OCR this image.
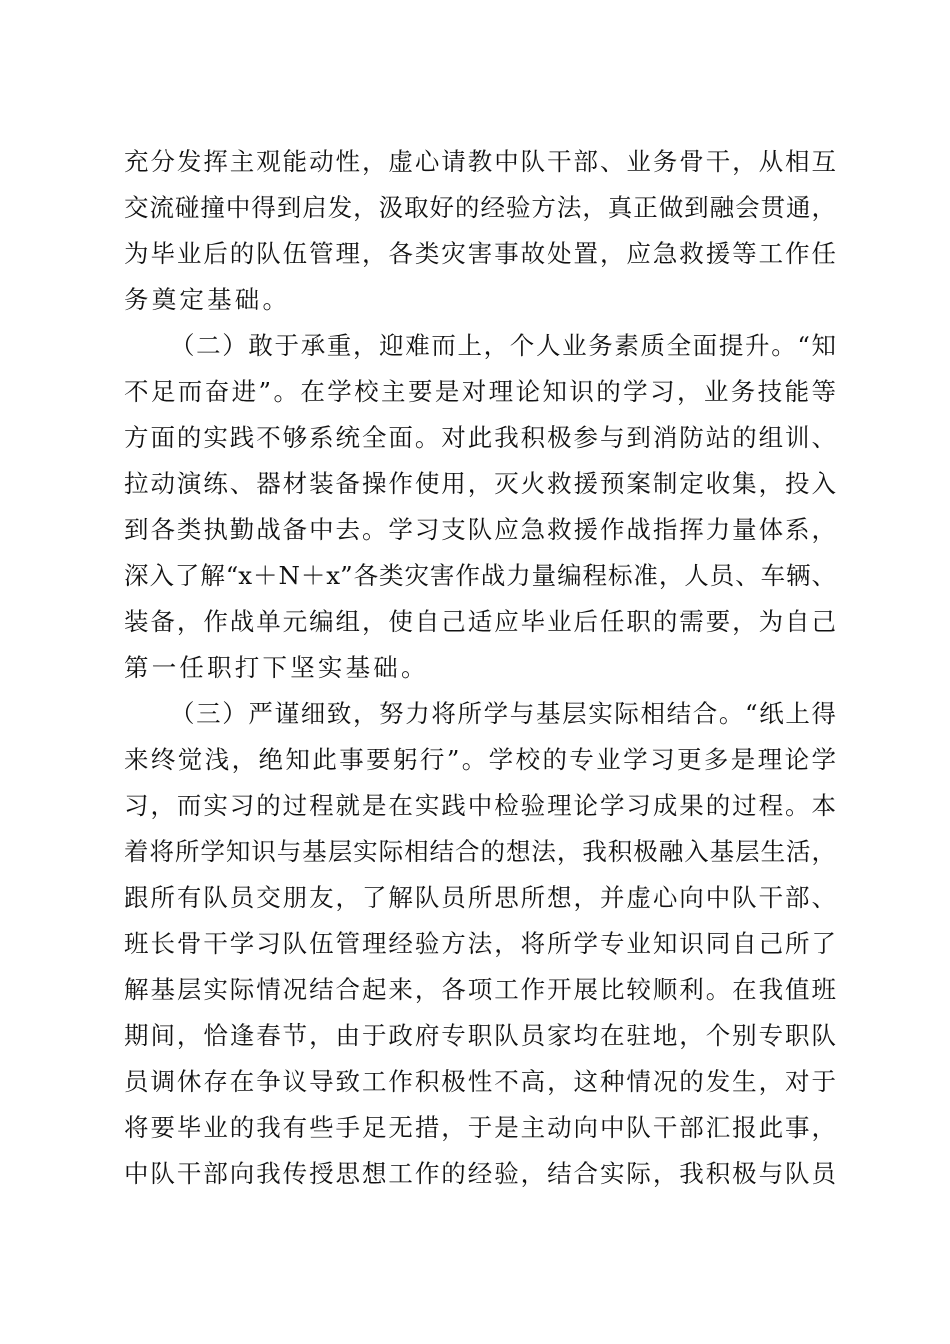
充分发挥主观能动性，虚心请教中队干部、业务骨干，从相互
交流碰撞中得到启发，汲取好的经验方法，真正做到融会贯通，
为毕业后的队伍管理，各类灾害事故处置，应急救援等工作任
务奠定基础。
（二）敢于承重，迎难而上，个人业务素质全面提升。“知
不足而奋进”。在学校主要是对理论知识的学习，业务技能等
方面的实践不够系统全面。对此我积极参与到消防站的组训、
拉动演练、器材装备操作使用，灭火救援预案制定收集，投入
到各类执勤战备中去。学习支队应急救援作战指挥力量体系，
深入了解“x＋N＋x”各类灾害作战力量编程标准，人员、车辆、
装备，作战单元编组，使自己适应毕业后任职的需要，为自己
第一任职打下坚实基础。
（三）严谨细致，努力将所学与基层实际相结合。“纸上得
来终觉浅，绝知此事要躬行”。学校的专业学习更多是理论学
习，而实习的过程就是在实践中检验理论学习成果的过程。本
着将所学知识与基层实际相结合的想法，我积极融入基层生活，
跟所有队员交朋友，了解队员所思所想，并虚心向中队干部、
班长骨干学习队伍管理经验方法，将所学专业知识同自己所了
解基层实际情况结合起来，各项工作开展比较顺利。在我值班
期间，恰逢春节，由于政府专职队员家均在驻地，个别专职队
员调休存在争议导致工作积极性不高，这种情况的发生，对于
将要毕业的我有些手足无措，于是主动向中队干部汇报此事，
中队干部向我传授思想工作的经验，结合实际，我积极与队员
